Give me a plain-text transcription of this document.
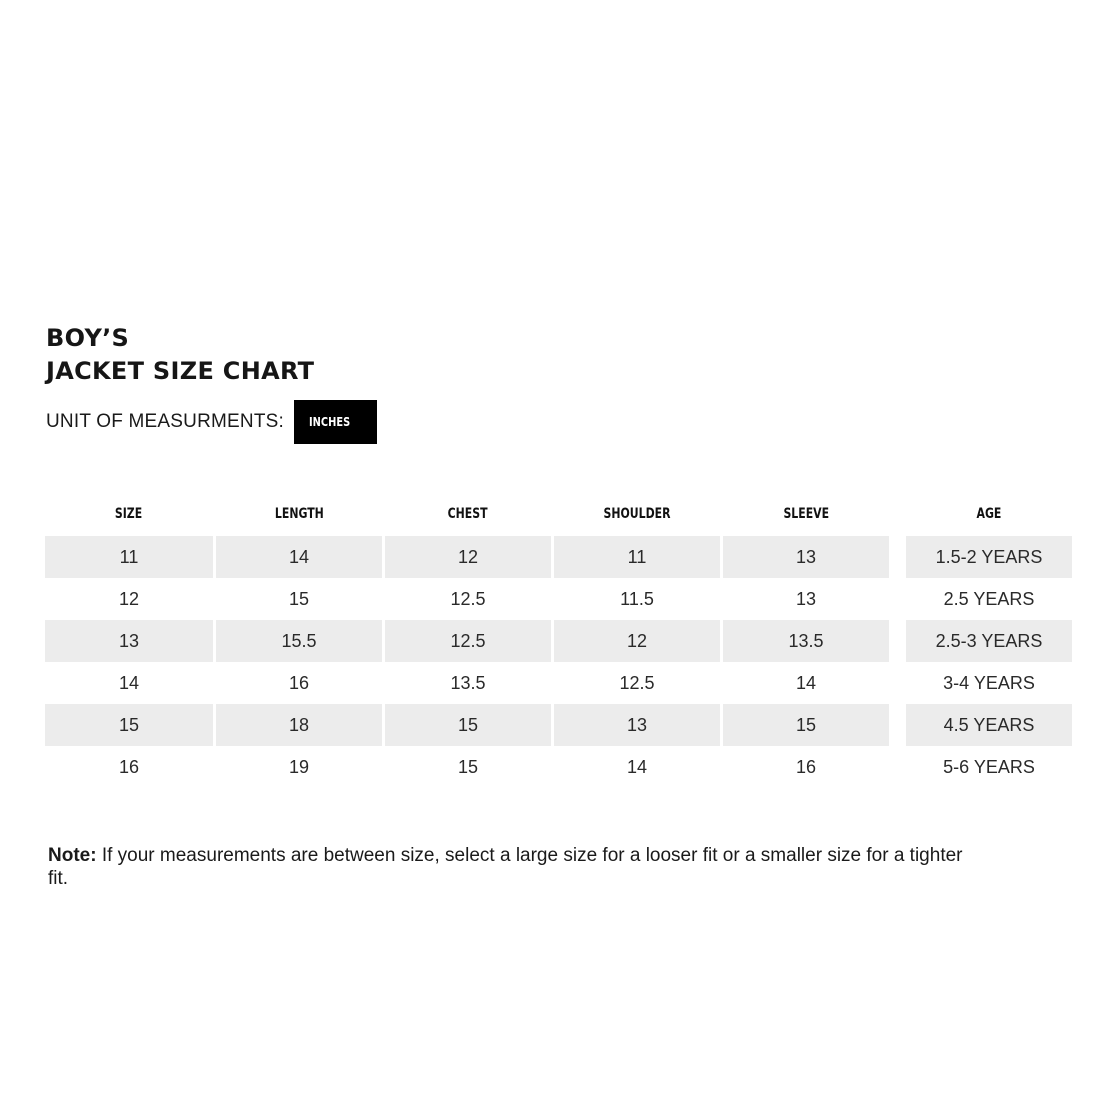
BOY’S
JACKET SIZE CHART
UNIT OF MEASURMENTS: INCHES
SIZE	LENGTH	CHEST	SHOULDER	SLEEVE	AGE
11	14	12	11	13	1.5-2 YEARS
12	15	12.5	11.5	13	2.5 YEARS
13	15.5	12.5	12	13.5	2.5-3 YEARS
14	16	13.5	12.5	14	3-4 YEARS
15	18	15	13	15	4.5 YEARS
16	19	15	14	16	5-6 YEARS

Note: If your measurements are between size, select a large size for a looser fit or a smaller size for a tighter fit.
